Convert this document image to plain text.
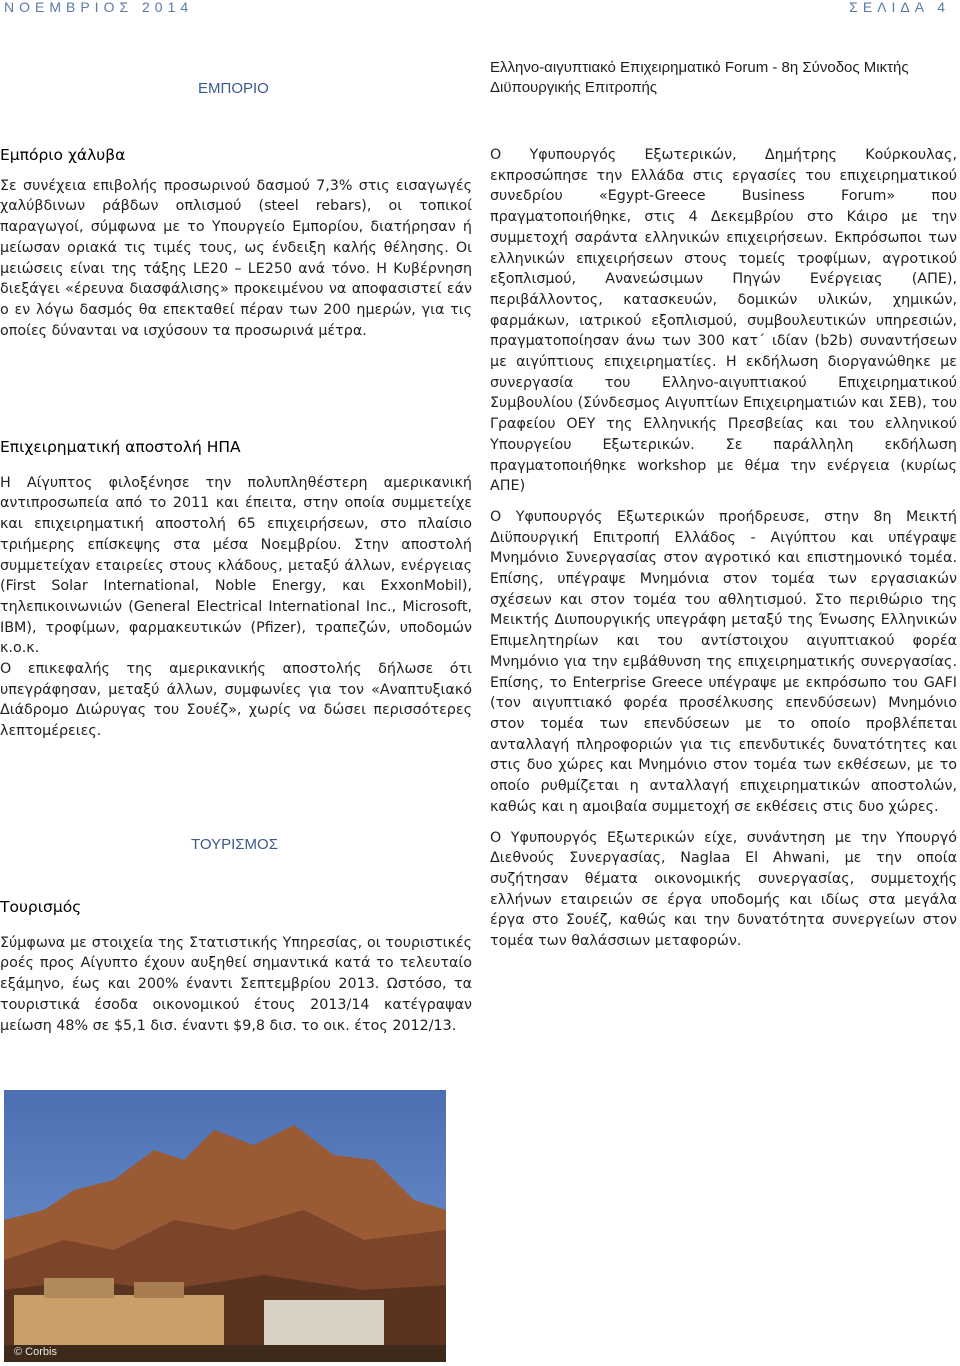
ΝΟΕΜΒΡΙΟΣ 2014	ΣΕΛΙΔΑ 4
ΕΜΠΟΡΙΟ
Ελληνο-αιγυπτιακό Επιχειρηματικό Forum - 8η Σύνοδος Μικτής Διϋπουργικής Επιτροπής

Εμπόριο χάλυβα

Σε συνέχεια επιβολής προσωρινού δασμού 7,3% στις εισαγωγές χαλύβδινων ράβδων οπλισμού (steel rebars), οι τοπικοί παραγωγοί, σύμφωνα με το Υπουργείο Εμπορίου, διατήρησαν ή μείωσαν οριακά τις τιμές τους, ως ένδειξη καλής θέλησης. Οι μειώσεις είναι της τάξης LE20 – LE250 ανά τόνο. Η Κυβέρνηση διεξάγει «έρευνα διασφάλισης» προκειμένου να αποφασιστεί εάν ο εν λόγω δασμός θα επεκταθεί πέραν των 200 ημερών, για τις οποίες δύνανται να ισχύσουν τα προσωρινά μέτρα.

Επιχειρηματική αποστολή ΗΠΑ

Η Αίγυπτος φιλοξένησε την πολυπληθέστερη αμερικανική αντιπροσωπεία από το 2011 και έπειτα, στην οποία συμμετείχε και επιχειρηματική αποστολή 65 επιχειρήσεων, στο πλαίσιο τριήμερης επίσκεψης στα μέσα Νοεμβρίου. Στην αποστολή συμμετείχαν εταιρείες στους κλάδους, μεταξύ άλλων, ενέργειας (First Solar International, Noble Energy, και ExxonMobil), τηλεπικοινωνιών (General Electrical International Inc., Microsoft, IBM), τροφίμων, φαρμακευτικών (Pfizer), τραπεζών, υποδομών κ.ο.κ.

Ο επικεφαλής της αμερικανικής αποστολής δήλωσε ότι υπεγράφησαν, μεταξύ άλλων, συμφωνίες για τον «Αναπτυξιακό Διάδρομο Διώρυγας του Σουέζ», χωρίς να δώσει περισσότερες λεπτομέρειες.

ΤΟΥΡΙΣΜΟΣ

Τουρισμός

Σύμφωνα με στοιχεία της Στατιστικής Υπηρεσίας, οι τουριστικές ροές προς Αίγυπτο έχουν αυξηθεί σημαντικά κατά το τελευταίο εξάμηνο, έως και 200% έναντι Σεπτεμβρίου 2013. Ωστόσο, τα τουριστικά έσοδα οικονομικού έτους 2013/14 κατέγραψαν μείωση 48% σε $5,1 δισ. έναντι $9,8 δισ. το οικ. έτος 2012/13.

Ο Υφυπουργός Εξωτερικών, Δημήτρης Κούρκουλας, εκπροσώπησε την Ελλάδα στις εργασίες του επιχειρηματικού συνεδρίου «Egypt-Greece Business Forum» που πραγματοποιήθηκε, στις 4 Δεκεμβρίου στο Κάιρο με την συμμετοχή σαράντα ελληνικών επιχειρήσεων. Εκπρόσωποι των ελληνικών επιχειρήσεων στους τομείς τροφίμων, αγροτικού εξοπλισμού, Ανανεώσιμων Πηγών Ενέργειας (ΑΠΕ), περιβάλλοντος, κατασκευών, δομικών υλικών, χημικών, φαρμάκων, ιατρικού εξοπλισμού, συμβουλευτικών υπηρεσιών, πραγματοποίησαν άνω των 300 κατ΄ ιδίαν (b2b) συναντήσεων με αιγύπτιους επιχειρηματίες. Η εκδήλωση διοργανώθηκε με συνεργασία του Ελληνο-αιγυπτιακού Επιχειρηματικού Συμβουλίου (Σύνδεσμος Αιγυπτίων Επιχειρηματιών και ΣΕΒ), του Γραφείου ΟΕΥ της Ελληνικής Πρεσβείας και του ελληνικού Υπουργείου Εξωτερικών. Σε παράλληλη εκδήλωση πραγματοποιήθηκε workshop με θέμα την ενέργεια (κυρίως ΑΠΕ)

Ο Υφυπουργός Εξωτερικών προήδρευσε, στην 8η Μεικτή Διϋπουργική Επιτροπή Ελλάδος - Αιγύπτου και υπέγραψε Μνημόνιο Συνεργασίας στον αγροτικό και επιστημονικό τομέα. Επίσης, υπέγραψε Μνημόνια στον τομέα των εργασιακών σχέσεων και στον τομέα του αθλητισμού. Στο περιθώριο της Μεικτής Διυπουργικής υπεγράφη μεταξύ της Ένωσης Ελληνικών Επιμελητηρίων και του αντίστοιχου αιγυπτιακού φορέα Μνημόνιο για την εμβάθυνση της επιχειρηματικής συνεργασίας. Επίσης, το Enterprise Greece υπέγραψε με εκπρόσωπο του GAFI (τον αιγυπτιακό φορέα προσέλκυσης επενδύσεων) Μνημόνιο στον τομέα των επενδύσεων με το οποίο προβλέπεται ανταλλαγή πληροφοριών για τις επενδυτικές δυνατότητες και στις δυο χώρες και Μνημόνιο στον τομέα των εκθέσεων, με το οποίο ρυθμίζεται η ανταλλαγή επιχειρηματικών αποστολών, καθώς και η αμοιβαία συμμετοχή σε εκθέσεις στις δυο χώρες.

Ο Υφυπουργός Εξωτερικών είχε, συνάντηση με την Υπουργό Διεθνούς Συνεργασίας, Naglaa El Ahwani, με την οποία συζήτησαν θέματα οικονομικής συνεργασίας, συμμετοχής ελλήνων εταιρειών σε έργα υποδομής και ιδίως στα μεγάλα έργα στο Σουέζ, καθώς και την δυνατότητα συνεργείων στον τομέα των θαλάσσιων μεταφορών.

© Corbis
